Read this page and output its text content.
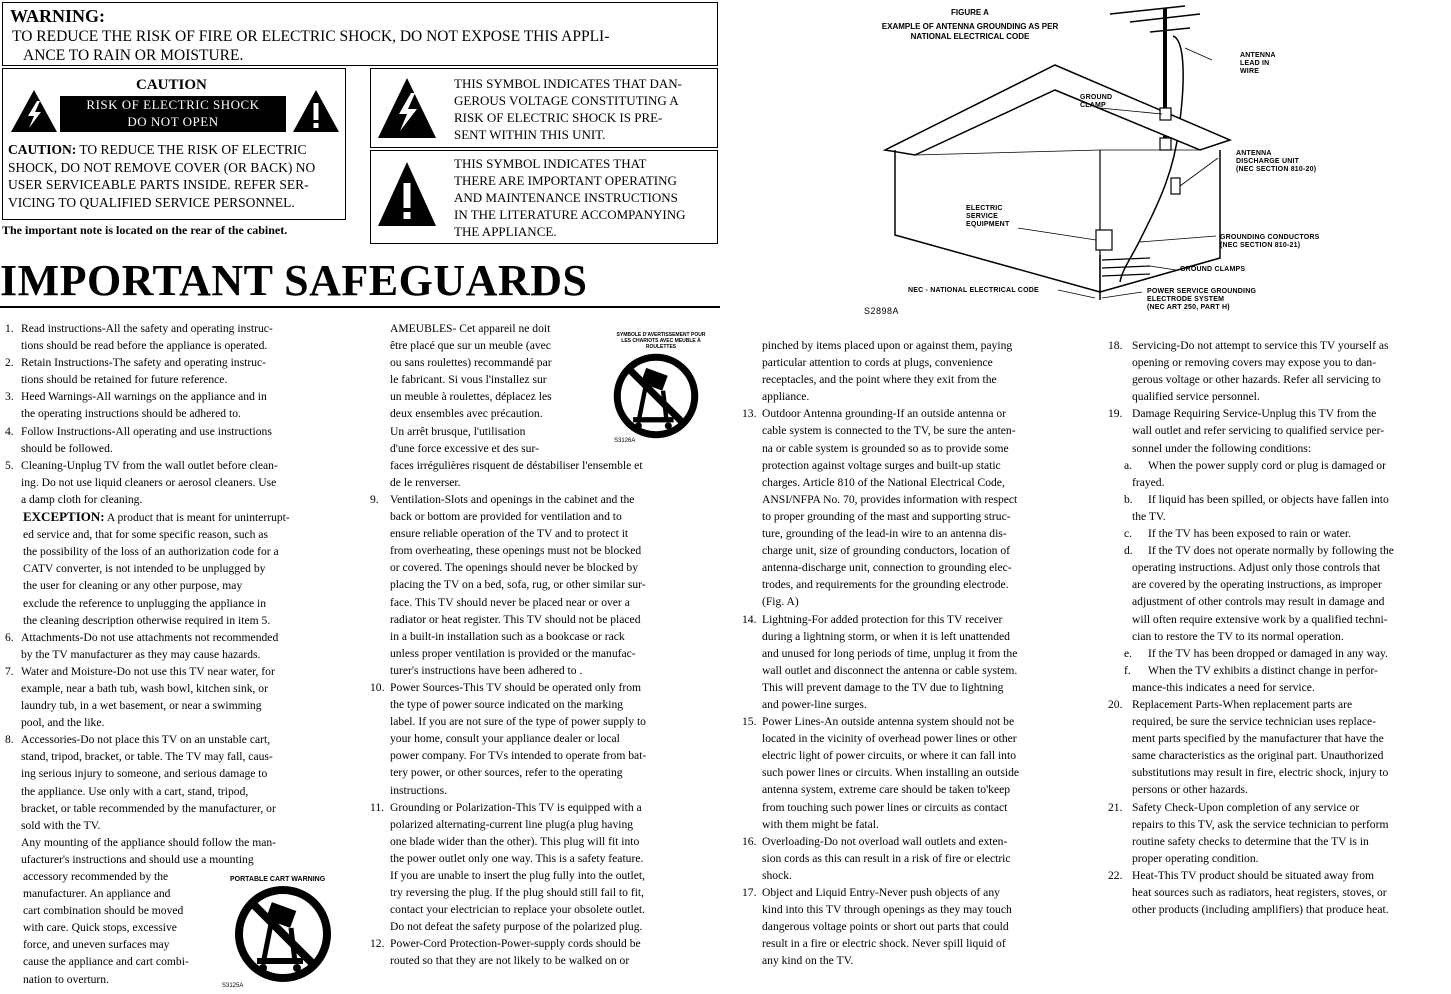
WARNING:
TO REDUCE THE RISK OF FIRE OR ELECTRIC SHOCK, DO NOT EXPOSE THIS APPLI-
ANCE TO RAIN OR MOISTURE.
CAUTION
RISK OF ELECTRIC SHOCK
DO NOT OPEN
CAUTION: TO REDUCE THE RISK OF ELECTRIC
SHOCK, DO NOT REMOVE COVER (OR BACK) NO
USER SERVICEABLE PARTS INSIDE. REFER SER-
VICING TO QUALIFIED SERVICE PERSONNEL.
The important note is located on the rear of the cabinet.
THIS SYMBOL INDICATES THAT DAN-
GEROUS VOLTAGE CONSTITUTING A
RISK OF ELECTRIC SHOCK IS PRE-
SENT WITHIN THIS UNIT.
THIS SYMBOL INDICATES THAT
THERE ARE IMPORTANT OPERATING
AND MAINTENANCE INSTRUCTIONS
IN THE LITERATURE ACCOMPANYING
THE APPLIANCE.
IMPORTANT SAFEGUARDS
FIGURE A
EXAMPLE OF ANTENNA GROUNDING AS PER
NATIONAL ELECTRICAL CODE
ANTENNA
LEAD IN
WIRE
GROUND
CLAMP
ANTENNA
DISCHARGE UNIT
(NEC SECTION 810-20)
ELECTRIC
SERVICE
EQUIPMENT
GROUNDING CONDUCTORS
(NEC SECTION 810-21)
GROUND CLAMPS
POWER SERVICE GROUNDING
ELECTRODE SYSTEM
(NEC ART 250, PART H)
NEC - NATIONAL ELECTRICAL CODE
S2898A
1. Read instructions-All the safety and operating instruc-
tions should be read before the appliance is operated.
2. Retain Instructions-The safety and operating instruc-
tions should be retained for future reference.
3. Heed Warnings-All warnings on the appliance and in
the operating instructions should be adhered to.
4. Follow Instructions-All operating and use instructions
should be followed.
5. Cleaning-Unplug TV from the wall outlet before clean-
ing. Do not use liquid cleaners or aerosol cleaners. Use
a damp cloth for cleaning.
EXCEPTION: A product that is meant for uninterrupt-
ed service and, that for some specific reason, such as
the possibility of the loss of an authorization code for a
CATV converter, is not intended to be unplugged by
the user for cleaning or any other purpose, may
exclude the reference to unplugging the appliance in
the cleaning description otherwise required in item 5.
6. Attachments-Do not use attachments not recommended
by the TV manufacturer as they may cause hazards.
7. Water and Moisture-Do not use this TV near water, for
example, near a bath tub, wash bowl, kitchen sink, or
laundry tub, in a wet basement, or near a swimming
pool, and the like.
8. Accessories-Do not place this TV on an unstable cart,
stand, tripod, bracket, or table. The TV may fall, caus-
ing serious injury to someone, and serious damage to
the appliance. Use only with a cart, stand, tripod,
bracket, or table recommended by the manufacturer, or
sold with the TV.
Any mounting of the appliance should follow the man-
ufacturer's instructions and should use a mounting
accessory recommended by the
manufacturer. An appliance and
cart combination should be moved
with care. Quick stops, excessive
force, and uneven surfaces may
cause the appliance and cart combi-
nation to overturn.
PORTABLE CART WARNING
S3125A
AMEUBLES- Cet appareil ne doit
être placé que sur un meuble (avec
ou sans roulettes) recommandé par
le fabricant. Si vous l'installez sur
un meuble à roulettes, déplacez les
deux ensembles avec précaution.
Un arrêt brusque, l'utilisation
d'une force excessive et des sur-
faces irrégulières risquent de déstabiliser l'ensemble et
de le renverser.
9. Ventilation-Slots and openings in the cabinet and the
back or bottom are provided for ventilation and to
ensure reliable operation of the TV and to protect it
from overheating, these openings must not be blocked
or covered. The openings should never be blocked by
placing the TV on a bed, sofa, rug, or other similar sur-
face. This TV should never be placed near or over a
radiator or heat register. This TV should not be placed
in a built-in installation such as a bookcase or rack
unless proper ventilation is provided or the manufac-
turer's instructions have been adhered to .
10. Power Sources-This TV should be operated only from
the type of power source indicated on the marking
label. If you are not sure of the type of power supply to
your home, consult your appliance dealer or local
power company. For TVs intended to operate from bat-
tery power, or other sources, refer to the operating
instructions.
11. Grounding or Polarization-This TV is equipped with a
polarized alternating-current line plug(a plug having
one blade wider than the other). This plug will fit into
the power outlet only one way. This is a safety feature.
If you are unable to insert the plug fully into the outlet,
try reversing the plug. If the plug should still fail to fit,
contact your electrician to replace your obsolete outlet.
Do not defeat the safety purpose of the polarized plug.
12. Power-Cord Protection-Power-supply cords should be
routed so that they are not likely to be walked on or
SYMBOLE D'AVERTISSEMENT POUR
LES CHARIOTS AVEC MEUBLE À ROULETTES
S3126A
pinched by items placed upon or against them, paying
particular attention to cords at plugs, convenience
receptacles, and the point where they exit from the
appliance.
13. Outdoor Antenna grounding-If an outside antenna or
cable system is connected to the TV, be sure the anten-
na or cable system is grounded so as to provide some
protection against voltage surges and built-up static
charges. Article 810 of the National Electrical Code,
ANSI/NFPA No. 70, provides information with respect
to proper grounding of the mast and supporting struc-
ture, grounding of the lead-in wire to an antenna dis-
charge unit, size of grounding conductors, location of
antenna-discharge unit, connection to grounding elec-
trodes, and requirements for the grounding electrode.
(Fig. A)
14. Lightning-For added protection for this TV receiver
during a lightning storm, or when it is left unattended
and unused for long periods of time, unplug it from the
wall outlet and disconnect the antenna or cable system.
This will prevent damage to the TV due to lightning
and power-line surges.
15. Power Lines-An outside antenna system should not be
located in the vicinity of overhead power lines or other
electric light of power circuits, or where it can fall into
such power lines or circuits. When installing an outside
antenna system, extreme care should be taken to'keep
from touching such power lines or circuits as contact
with them might be fatal.
16. Overloading-Do not overload wall outlets and exten-
sion cords as this can result in a risk of fire or electric
shock.
17. Object and Liquid Entry-Never push objects of any
kind into this TV through openings as they may touch
dangerous voltage points or short out parts that could
result in a fire or electric shock. Never spill liquid of
any kind on the TV.
18. Servicing-Do not attempt to service this TV yourself as
opening or removing covers may expose you to dan-
gerous voltage or other hazards. Refer all servicing to
qualified service personnel.
19. Damage Requiring Service-Unplug this TV from the
wall outlet and refer servicing to qualified service per-
sonnel under the following conditions:
a. When the power supply cord or plug is damaged or
frayed.
b. If liquid has been spilled, or objects have fallen into
the TV.
c. If the TV has been exposed to rain or water.
d. If the TV does not operate normally by following the
operating instructions. Adjust only those controls that
are covered by the operating instructions, as improper
adjustment of other controls may result in damage and
will often require extensive work by a qualified techni-
cian to restore the TV to its normal operation.
e. If the TV has been dropped or damaged in any way.
f. When the TV exhibits a distinct change in perfor-
mance-this indicates a need for service.
20. Replacement Parts-When replacement parts are
required, be sure the service technician uses replace-
ment parts specified by the manufacturer that have the
same characteristics as the original part. Unauthorized
substitutions may result in fire, electric shock, injury to
persons or other hazards.
21. Safety Check-Upon completion of any service or
repairs to this TV, ask the service technician to perform
routine safety checks to determine that the TV is in
proper operating condition.
22. Heat-This TV product should be situated away from
heat sources such as radiators, heat registers, stoves, or
other products (including amplifiers) that produce heat.
